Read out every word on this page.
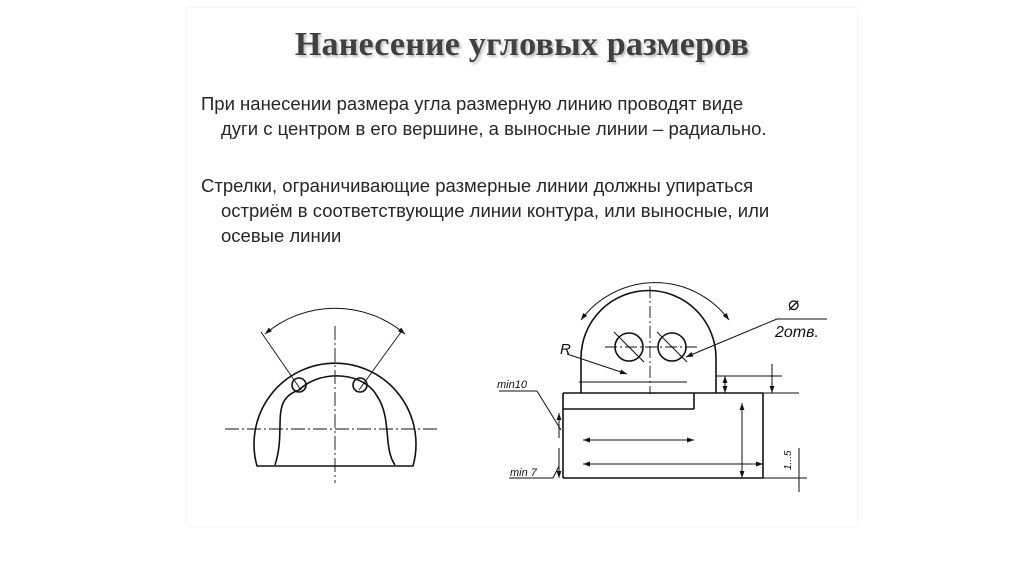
Нанесение угловых размеров

При нанесении размера угла размерную линию проводят виде
дуги с центром в его вершине, а выносные линии – радиально.

Стрелки, ограничивающие размерные линии должны упираться
остриём в соответствующие линии контура, или выносные, или
осевые линии

⌀
2отв.
R
min10
min 7
1...5
